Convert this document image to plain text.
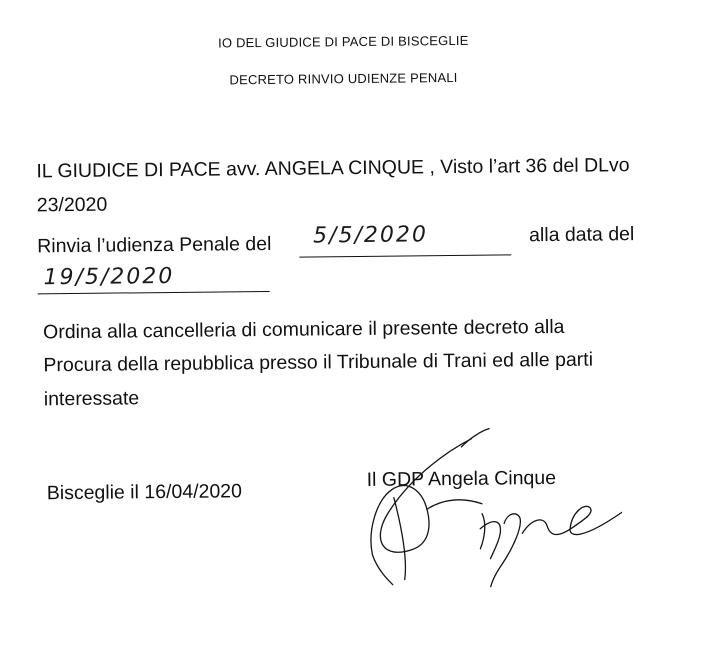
IO DEL GIUDICE DI PACE DI BISCEGLIE
DECRETO RINVIO UDIENZE PENALI
IL GIUDICE DI PACE avv. ANGELA CINQUE , Visto l’art 36 del DLvo
23/2020
Rinvia l’udienza Penale del 5/5/2020	alla data del
19/5/2020
Ordina alla cancelleria di comunicare il presente decreto alla
Procura della repubblica presso il Tribunale di Trani ed alle parti
interessate
Bisceglie il 16/04/2020
Il GDP Angela Cinque
